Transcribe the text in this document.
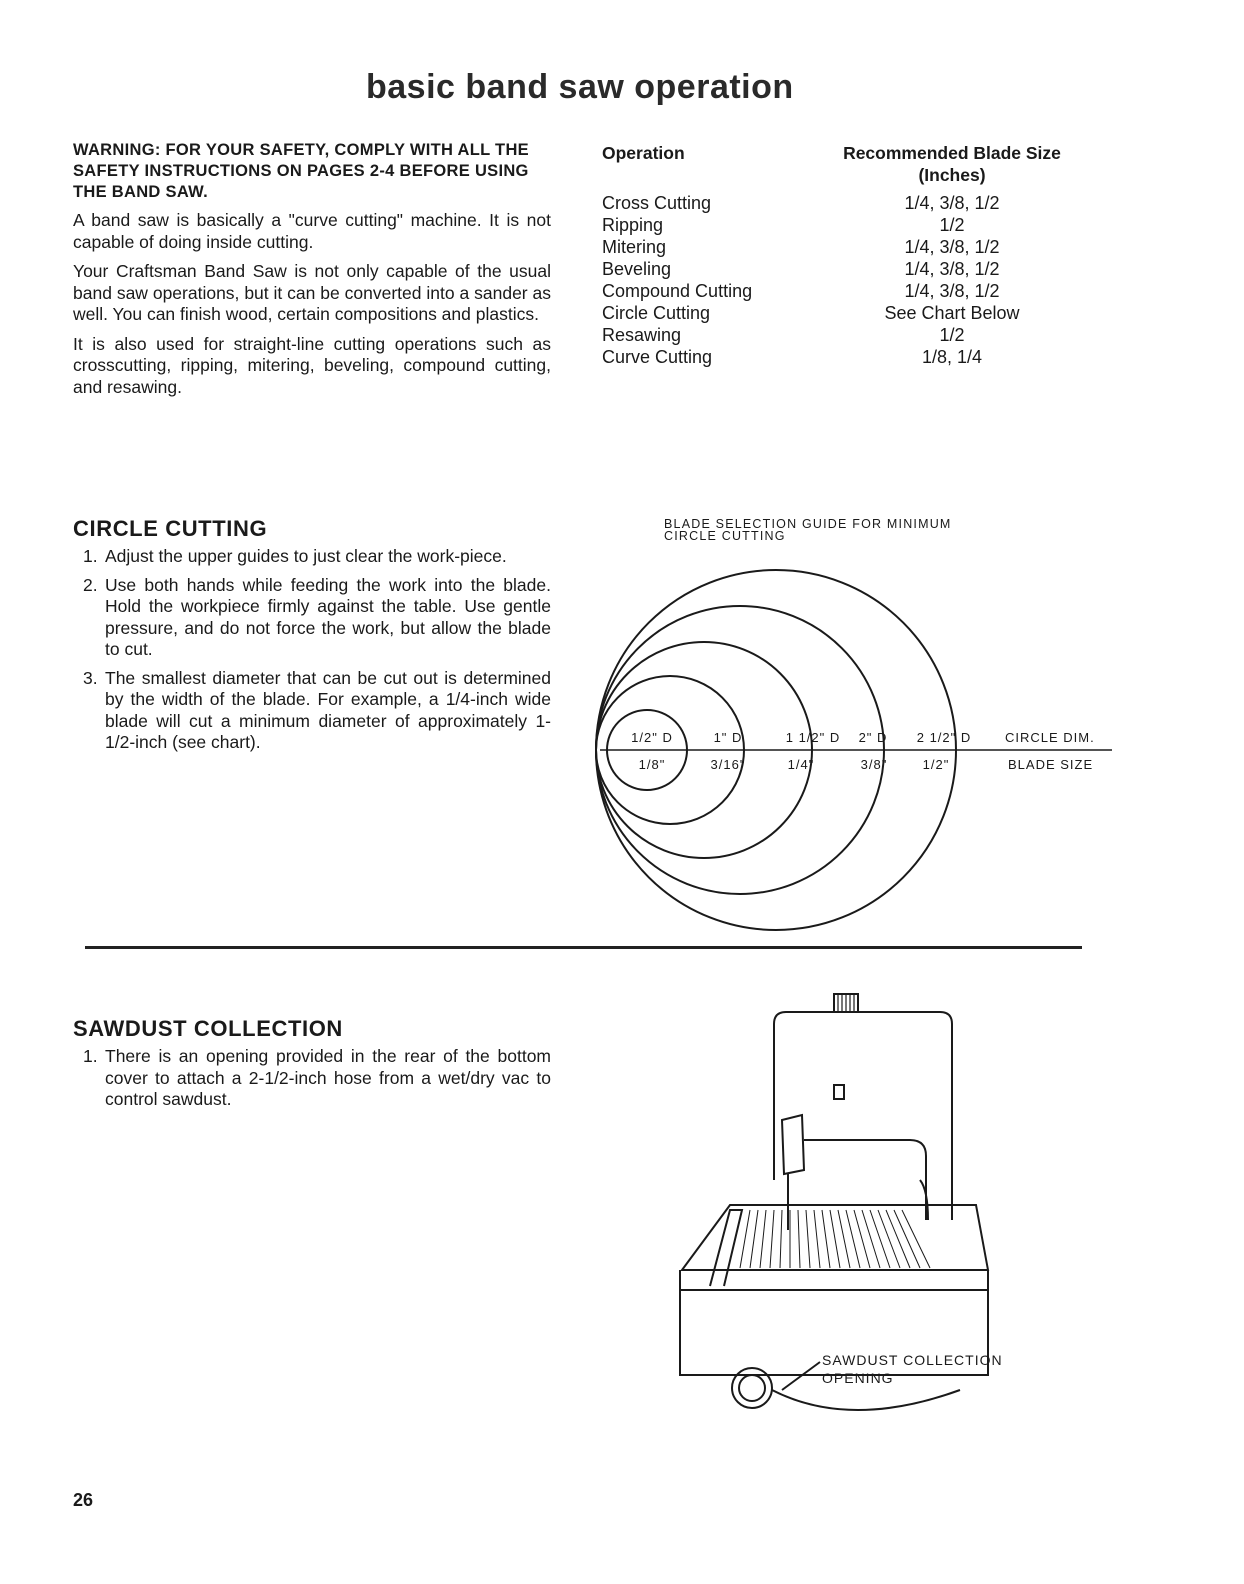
basic band saw operation
WARNING: FOR YOUR SAFETY, COMPLY WITH ALL THE SAFETY INSTRUCTIONS ON PAGES 2-4 BEFORE USING THE BAND SAW.

A band saw is basically a "curve cutting" machine. It is not capable of doing inside cutting.

Your Craftsman Band Saw is not only capable of the usual band saw operations, but it can be converted into a sander as well. You can finish wood, certain compositions and plastics.

It is also used for straight-line cutting operations such as crosscutting, ripping, mitering, beveling, compound cutting, and resawing.

Operation	Recommended Blade Size
(Inches)
Cross Cutting	1/4, 3/8, 1/2
Ripping	1/2
Mitering	1/4, 3/8, 1/2
Beveling	1/4, 3/8, 1/2
Compound Cutting	1/4, 3/8, 1/2
Circle Cutting	See Chart Below
Resawing	1/2
Curve Cutting	1/8, 1/4
CIRCLE CUTTING
1. Adjust the upper guides to just clear the work-piece.
2. Use both hands while feeding the work into the blade. Hold the workpiece firmly against the table. Use gentle pressure, and do not force the work, but allow the blade to cut.
3. The smallest diameter that can be cut out is determined by the width of the blade. For example, a 1/4-inch wide blade will cut a minimum diameter of approximately 1-1/2-inch (see chart).
BLADE SELECTION GUIDE FOR MINIMUM
CIRCLE CUTTING
1/2" D	1" D	1 1/2" D 2" D 2 1/2" D
1/8"	3/16"	1/4"	3/8"	1/2"
CIRCLE DIM.
BLADE SIZE
SAWDUST COLLECTION
1. There is an opening provided in the rear of the bottom cover to attach a 2-1/2-inch hose from a wet/dry vac to control sawdust.
SAWDUST COLLECTION
OPENING
26
